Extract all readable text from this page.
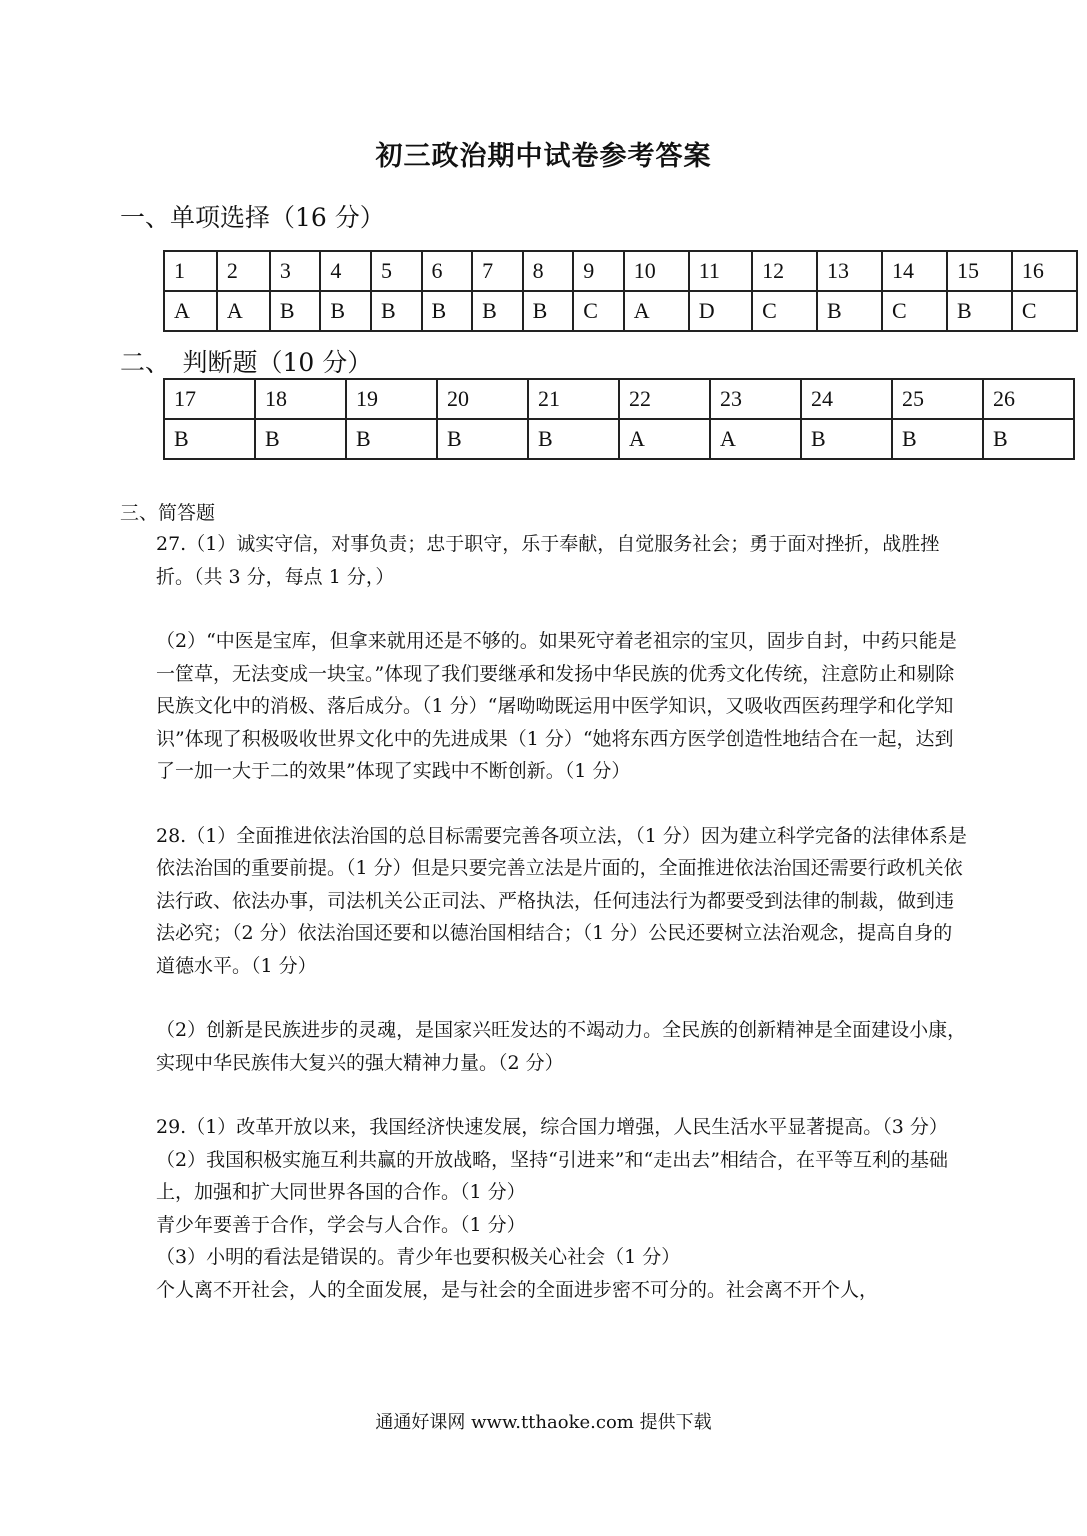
初三政治期中试卷参考答案
一、单项选择（16 分）
1	2	3	4	5	6	7	8	9	10	11	12	13	14	15	16
A	A	B	B	B	B	B	B	C	A	D	C	B	C	B	C
二、　判断题（10 分）
17	18	19	20	21	22	23	24	25	26
B	B	B	B	B	A	A	B	B	B
三、简答题

27.（1）诚实守信，对事负责；忠于职守，乐于奉献，自觉服务社会；勇于面对挫折，战胜挫折。（共 3 分，每点 1 分，）

（2）“中医是宝库，但拿来就用还是不够的。如果死守着老祖宗的宝贝，固步自封，中药只能是一筐草，无法变成一块宝。”体现了我们要继承和发扬中华民族的优秀文化传统，注意防止和剔除民族文化中的消极、落后成分。（1 分）“屠呦呦既运用中医学知识，又吸收西医药理学和化学知识”体现了积极吸收世界文化中的先进成果（1 分）“她将东西方医学创造性地结合在一起，达到了一加一大于二的效果”体现了实践中不断创新。（1 分）

28.（1）全面推进依法治国的总目标需要完善各项立法，（1 分）因为建立科学完备的法律体系是依法治国的重要前提。（1 分）但是只要完善立法是片面的，全面推进依法治国还需要行政机关依法行政、依法办事，司法机关公正司法、严格执法，任何违法行为都要受到法律的制裁，做到违法必究；（2 分）依法治国还要和以德治国相结合；（1 分）公民还要树立法治观念，提高自身的道德水平。（1 分）

（2）创新是民族进步的灵魂，是国家兴旺发达的不竭动力。全民族的创新精神是全面建设小康，实现中华民族伟大复兴的强大精神力量。（2 分）

29.（1）改革开放以来，我国经济快速发展，综合国力增强，人民生活水平显著提高。（3 分）

（2）我国积极实施互利共赢的开放战略，坚持“引进来”和“走出去”相结合，在平等互利的基础上，加强和扩大同世界各国的合作。（1 分）

青少年要善于合作，学会与人合作。（1 分）

（3）小明的看法是错误的。青少年也要积极关心社会（1 分）

个人离不开社会，人的全面发展，是与社会的全面进步密不可分的。社会离不开个人，

通通好课网 www.tthaoke.com 提供下载
